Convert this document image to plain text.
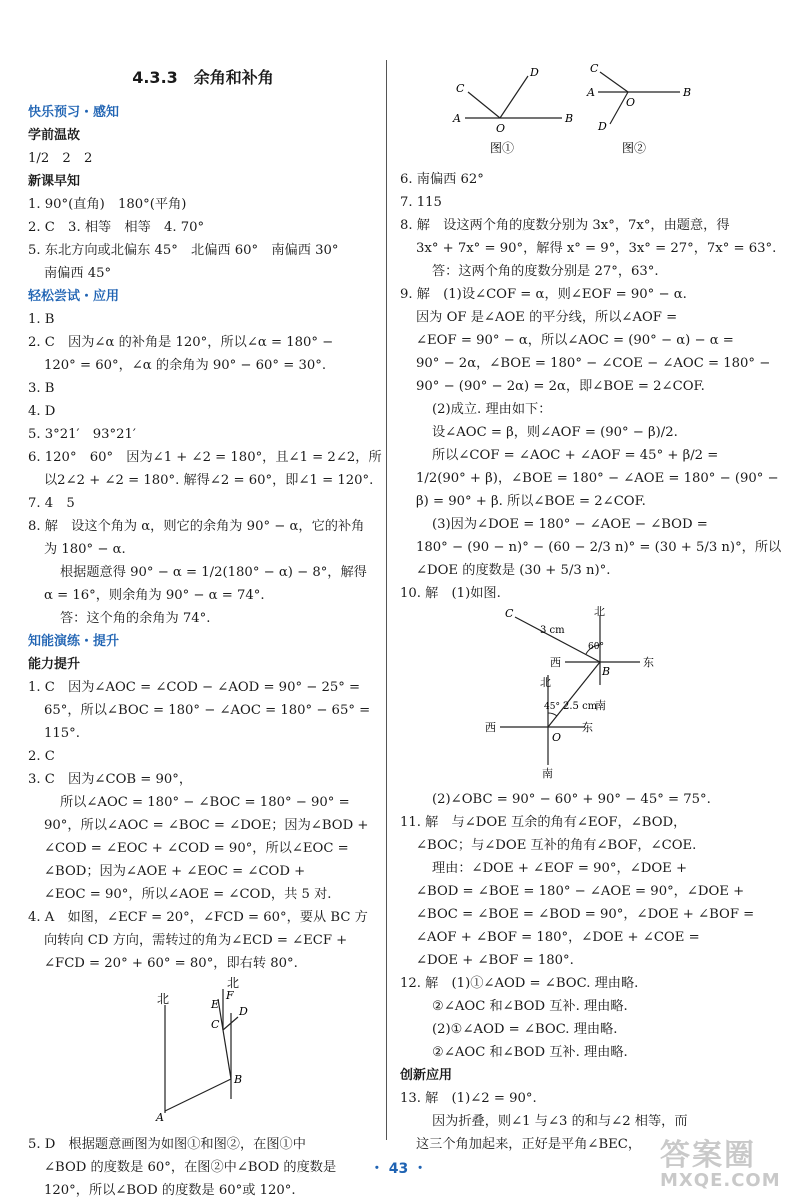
4.3.3　余角和补角
快乐预习・感知
学前温故
1/2　2　2
新课早知
1. 90°(直角)　180°(平角)
2. C　3. 相等　相等　4. 70°
5. 东北方向或北偏东 45°　北偏西 60°　南偏西 30°
南偏西 45°
轻松尝试・应用
1. B
2. C　因为∠α 的补角是 120°，所以∠α = 180° −
120° = 60°，∠α 的余角为 90° − 60° = 30°.
3. B
4. D
5. 3°21′　93°21′
6. 120°　60°　因为∠1 + ∠2 = 180°，且∠1 = 2∠2，所
以2∠2 + ∠2 = 180°. 解得∠2 = 60°，即∠1 = 120°.
7. 4　5
8. 解　设这个角为 α，则它的余角为 90° − α，它的补角
为 180° − α.
根据题意得 90° − α = 1/2(180° − α) − 8°，解得
α = 16°，则余角为 90° − α = 74°.
答：这个角的余角为 74°.
知能演练・提升
能力提升
1. C　因为∠AOC = ∠COD − ∠AOD = 90° − 25° =
65°，所以∠BOC = 180° − ∠AOC = 180° − 65° =
115°.
2. C
3. C　因为∠COB = 90°，
所以∠AOC = 180° − ∠BOC = 180° − 90° =
90°，所以∠AOC = ∠BOC = ∠DOE；因为∠BOD +
∠COD = ∠EOC + ∠COD = 90°，所以∠EOC =
∠BOD；因为∠AOE + ∠EOC = ∠COD +
∠EOC = 90°，所以∠AOE = ∠COD，共 5 对.
4. A　如图，∠ECF = 20°，∠FCD = 60°，要从 BC 方
向转向 CD 方向，需转过的角为∠ECD = ∠ECF +
∠FCD = 20° + 60° = 80°，即右转 80°.
北
北
E
F
C
D
B
A
5. D　根据题意画图为如图①和图②，在图①中
∠BOD 的度数是 60°，在图②中∠BOD 的度数是
120°，所以∠BOD 的度数是 60°或 120°.
A	B
C
D
O
图①
A	B
C
D
O
图②
6. 南偏西 62°
7. 115
8. 解　设这两个角的度数分别为 3x°，7x°，由题意，得
3x° + 7x° = 90°，解得 x° = 9°，3x° = 27°，7x° = 63°.
答：这两个角的度数分别是 27°，63°.
9. 解　(1)设∠COF = α，则∠EOF = 90° − α.
因为 OF 是∠AOE 的平分线，所以∠AOF =
∠EOF = 90° − α，所以∠AOC = (90° − α) − α =
90° − 2α，∠BOE = 180° − ∠COE − ∠AOC = 180° −
90° − (90° − 2α) = 2α，即∠BOE = 2∠COF.
(2)成立. 理由如下：
设∠AOC = β，则∠AOF = (90° − β)/2.
所以∠COF = ∠AOC + ∠AOF = 45° + β/2 =
1/2(90° + β)，∠BOE = 180° − ∠AOE = 180° − (90° −
β) = 90° + β. 所以∠BOE = 2∠COF.
(3)因为∠DOE = 180° − ∠AOE − ∠BOD =
180° − (90 − n)° − (60 − 2/3 n)° = (30 + 5/3 n)°，所以
∠DOE 的度数是 (30 + 5/3 n)°.
10. 解　(1)如图.
C
3 cm
北
60°
西
B
东
北
45° 2.5 cm
南
西
O
东
南
(2)∠OBC = 90° − 60° + 90° − 45° = 75°.
11. 解　与∠DOE 互余的角有∠EOF，∠BOD，
∠BOC；与∠DOE 互补的角有∠BOF，∠COE.
理由：∠DOE + ∠EOF = 90°，∠DOE +
∠BOD = ∠BOE = 180° − ∠AOE = 90°，∠DOE +
∠BOC = ∠BOE = ∠BOD = 90°，∠DOE + ∠BOF =
∠AOF + ∠BOF = 180°，∠DOE + ∠COE =
∠DOE + ∠BOF = 180°.
12. 解　(1)①∠AOD = ∠BOC. 理由略.
②∠AOC 和∠BOD 互补. 理由略.
(2)①∠AOD = ∠BOC. 理由略.
②∠AOC 和∠BOD 互补. 理由略.
创新应用
13. 解　(1)∠2 = 90°.
因为折叠，则∠1 与∠3 的和与∠2 相等，而
这三个角加起来，正好是平角∠BEC，
・ 43 ・	答案圈
MXQE.COM
